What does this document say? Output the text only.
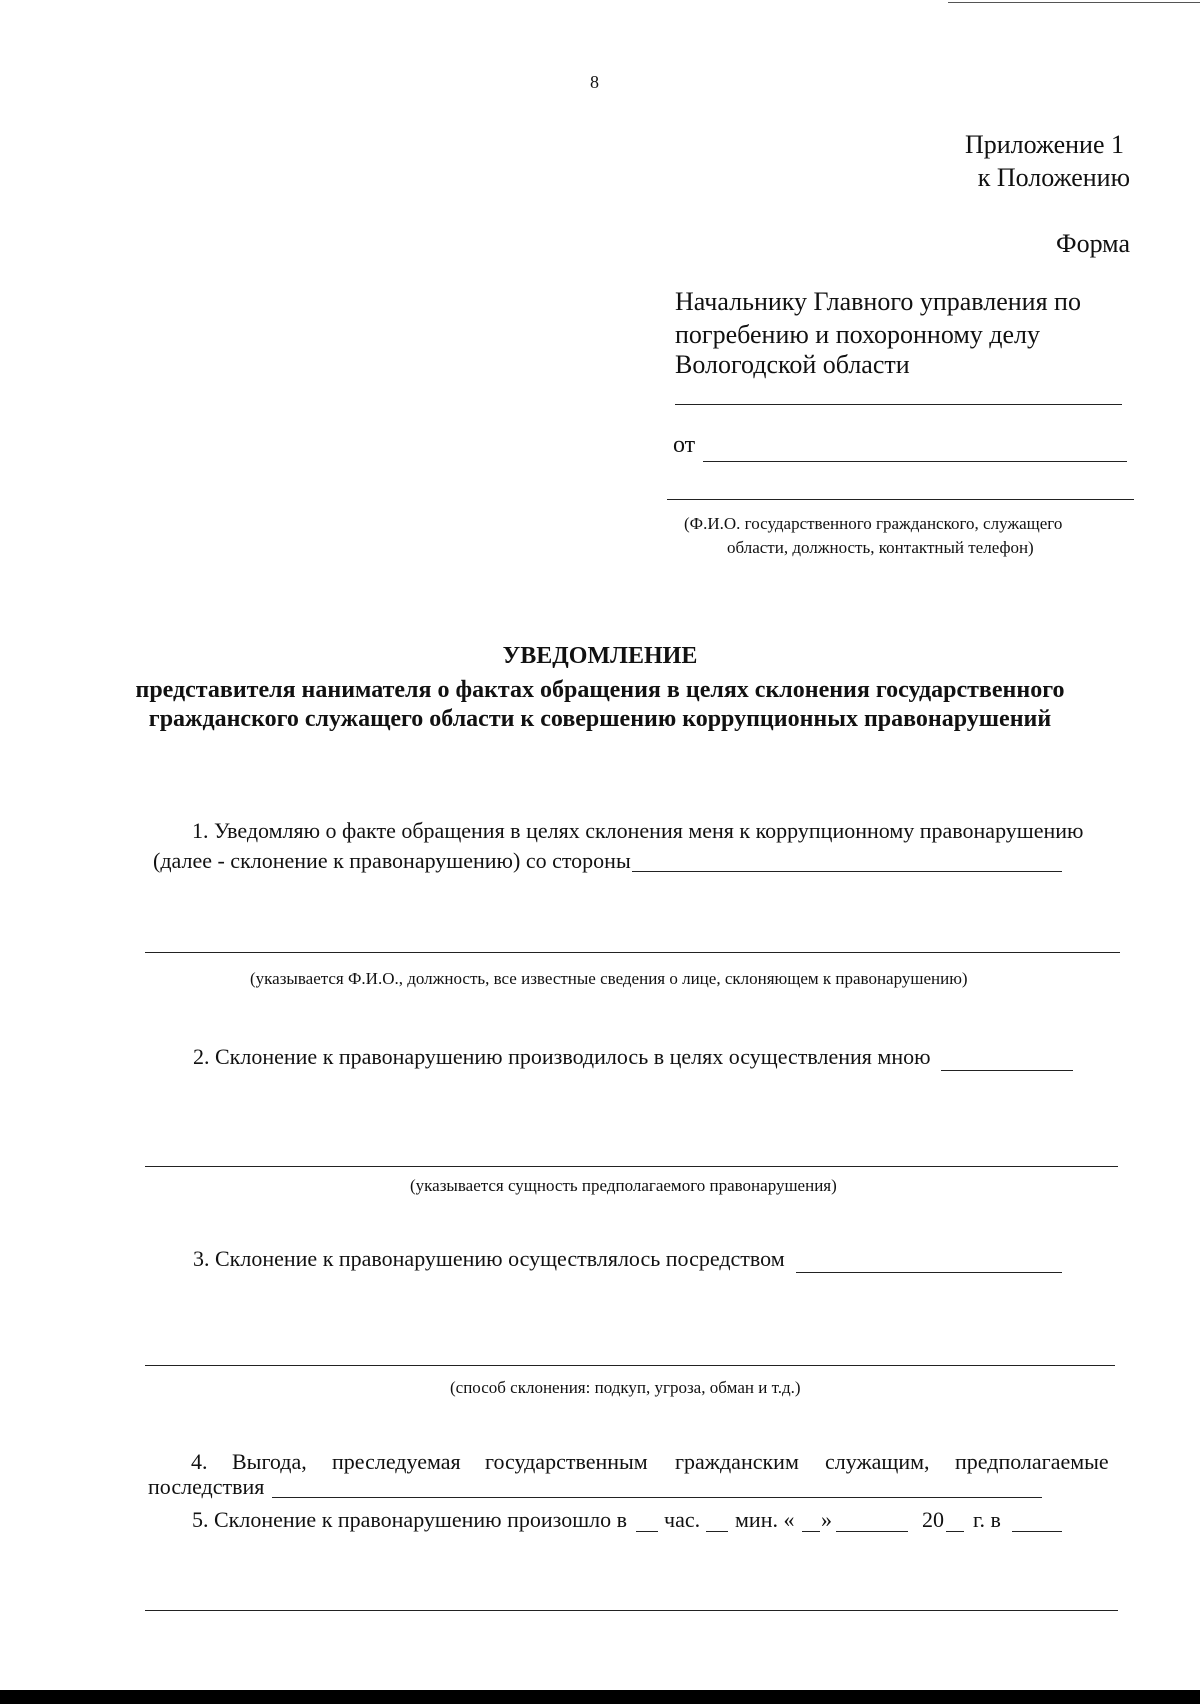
8
Приложение 1
к Положению
Форма
Начальнику Главного управления по
погребению и похоронному делу
Вологодской области
от
(Ф.И.О. государственного гражданского, служащего
области, должность, контактный телефон)
УВЕДОМЛЕНИЕ
представителя нанимателя о фактах обращения в целях склонения государственного
гражданского служащего области к совершению коррупционных правонарушений
1. Уведомляю о факте обращения в целях склонения меня к коррупционному правонарушению
(далее - склонение к правонарушению) со стороны
(указывается Ф.И.О., должность, все известные сведения о лице, склоняющем к правонарушению)
2. Склонение к правонарушению производилось в целях осуществления мною
(указывается сущность предполагаемого правонарушения)
3. Склонение к правонарушению осуществлялось посредством
(способ склонения: подкуп, угроза, обман и т.д.)
4. Выгода, преследуемая государственным гражданским служащим, предполагаемые
последствия
5. Склонение к правонарушению произошло в час. мин. « »	20 г. в
